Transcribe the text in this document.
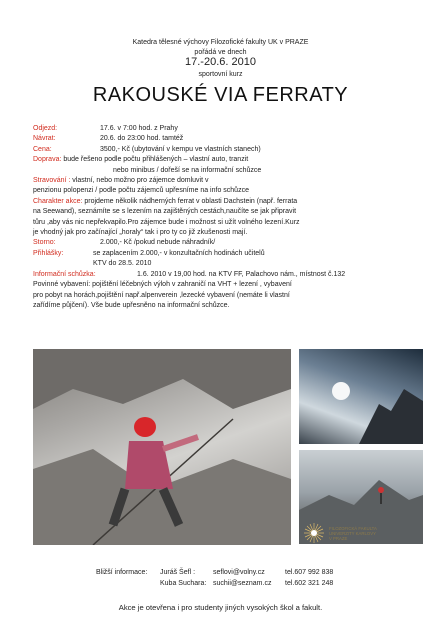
Katedra tělesné výchovy Filozofické fakulty UK v PRAZE
pořádá ve dnech
17.-20.6. 2010
sportovní kurz
RAKOUSKÉ VIA FERRATY
Odjezd:	17.6. v 7:00 hod. z Prahy
Návrat:	20.6. do 23:00 hod. tamtéž
Cena:	3500,- Kč (ubytování v kempu ve vlastních stanech)
Doprava: bude řešeno podle počtu přihlášených – vlastní auto, tranzit
nebo minibus / dořeší se na informační schůzce
Stravování : vlastní, nebo možno pro zájemce domluvit v
penzionu polopenzi / podle počtu zájemců upřesníme na info schůzce
Charakter akce: projdeme několik nádherných ferrat v oblasti Dachstein (např. ferrata
na Seewand), seznámíte se s lezením na zajištěných cestách,naučíte se jak připravit
tůru ,aby vás nic nepřekvapilo.Pro zájemce bude i možnost si užít volného lezení.Kurz
je vhodný jak pro začínající „horaly“ tak i pro ty co již zkušenosti mají.
Storno:	2.000,- Kč /pokud nebude náhradník/
Přihlášky:	se zaplacením 2.000,- v konzultačních hodinách učitelů
KTV do 28.5. 2010
Informační schůzka:	1.6. 2010 v 19,00 hod. na KTV FF, Palachovo nám., místnost č.132
Povinné vybavení: pojištění léčebných výloh v zahraničí na VHT + lezení , vybavení
pro pobyt na horách,pojištění např.alpenverein ,lezecké vybavení (nemáte li vlastní
zařídíme půjčení). Vše bude upřesněno na informační schůzce.
FILOZOFICKÁ FAKULTA
UNIVERZITY KARLOVY
V PRAZE
Bližší informace: Juráš Šefl :	seflovi@volny.cz	tel.607 992 838
Kuba Suchara: suchii@seznam.cz tel.602 321 248
Akce je otevřena i pro studenty jiných vysokých škol a fakult.
